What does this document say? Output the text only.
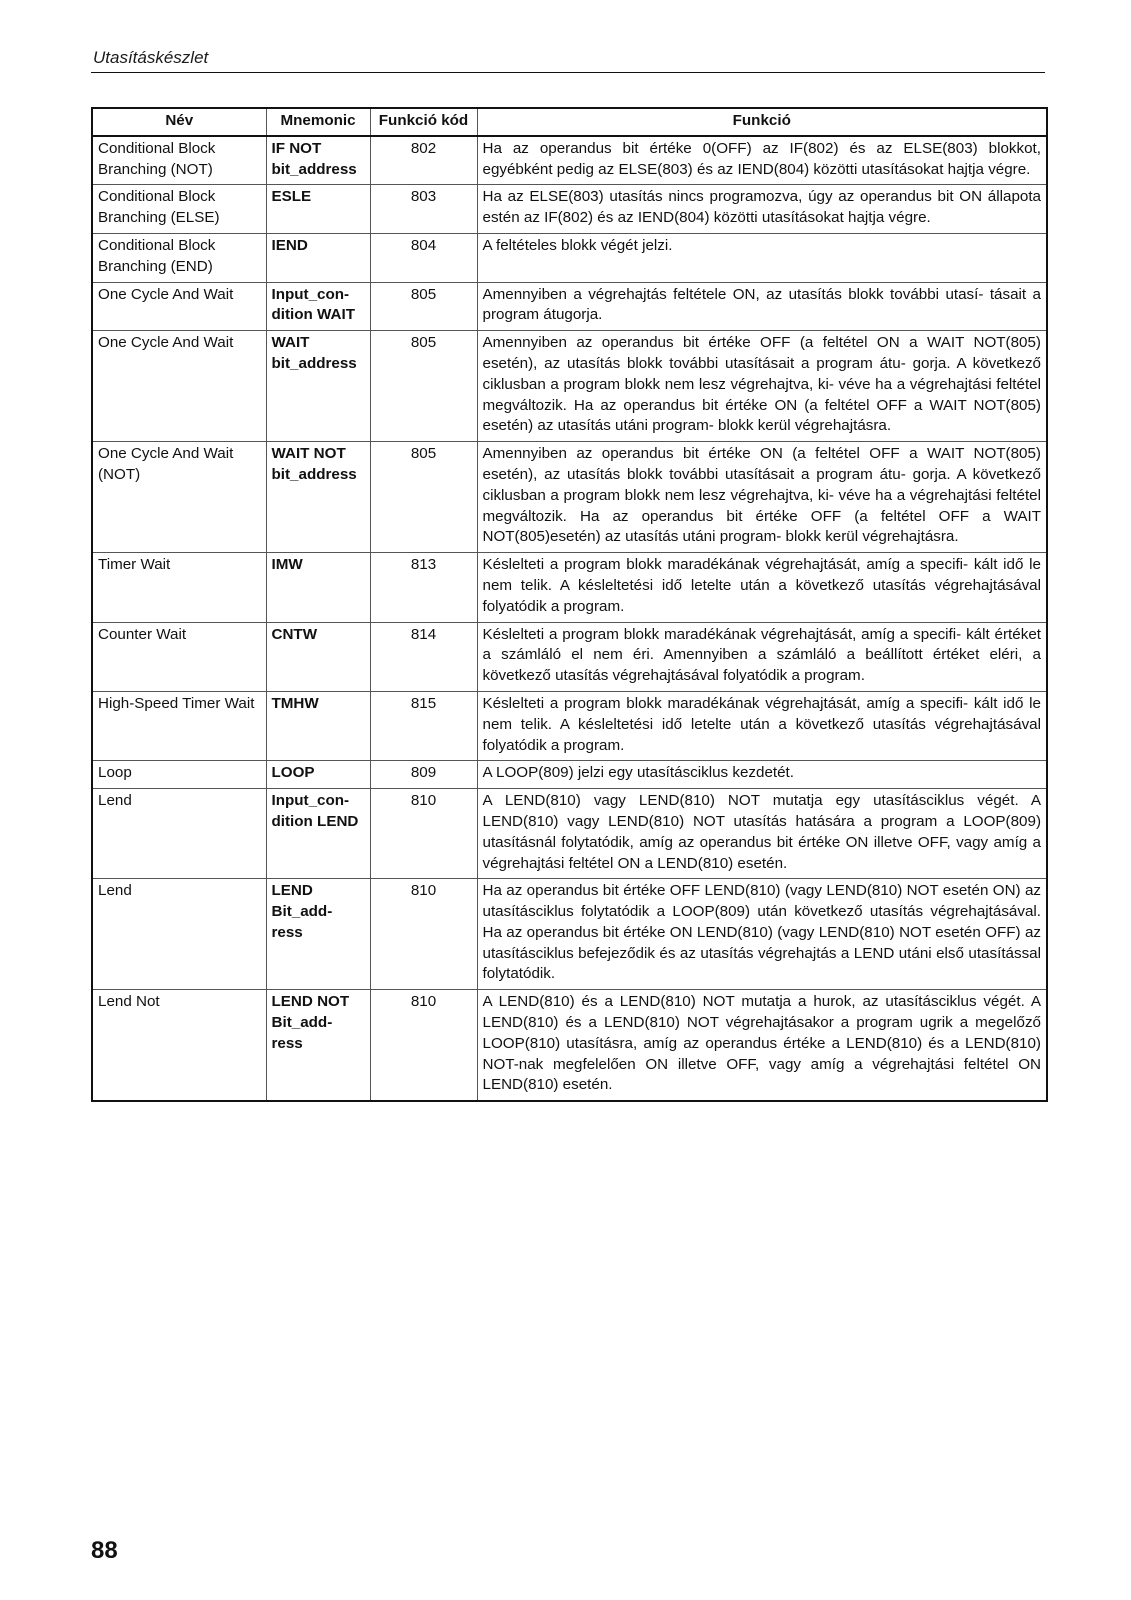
Utasításkészlet
Név	Mnemonic	Funkció kód	Funkció
Conditional Block Branching (NOT)	IF NOT bit_address	802	Ha az operandus bit értéke 0(OFF) az IF(802) és az ELSE(803) blokkot, egyébként pedig az ELSE(803) és az IEND(804) közötti utasításokat hajtja végre.
Conditional Block Branching (ELSE)	ESLE	803	Ha az ELSE(803) utasítás nincs programozva, úgy az operandus bit ON állapota estén az IF(802) és az IEND(804) közötti utasításokat hajtja végre.
Conditional Block Branching (END)	IEND	804	A feltételes blokk végét jelzi.
One Cycle And Wait	Input_con- dition WAIT	805	Amennyiben a végrehajtás feltétele ON, az utasítás blokk további utasí- tásait a program átugorja.
One Cycle And Wait	WAIT bit_address	805	Amennyiben az operandus bit értéke OFF (a feltétel ON a WAIT NOT(805) esetén), az utasítás blokk további utasításait a program átu- gorja. A következő ciklusban a program blokk nem lesz végrehajtva, ki- véve ha a végrehajtási feltétel megváltozik. Ha az operandus bit értéke ON (a feltétel OFF a WAIT NOT(805) esetén) az utasítás utáni program- blokk kerül végrehajtásra.
One Cycle And Wait (NOT)	WAIT NOT bit_address	805	Amennyiben az operandus bit értéke ON (a feltétel OFF a WAIT NOT(805) esetén), az utasítás blokk további utasításait a program átu- gorja. A következő ciklusban a program blokk nem lesz végrehajtva, ki- véve ha a végrehajtási feltétel megváltozik. Ha az operandus bit értéke OFF (a feltétel OFF a WAIT NOT(805)esetén) az utasítás utáni program- blokk kerül végrehajtásra.
Timer Wait	IMW	813	Késlelteti a program blokk maradékának végrehajtását, amíg a specifi- kált idő le nem telik. A késleltetési idő letelte után a következő utasítás végrehajtásával folyatódik a program.
Counter Wait	CNTW	814	Késlelteti a program blokk maradékának végrehajtását, amíg a specifi- kált értéket a számláló el nem éri. Amennyiben a számláló a beállított értéket eléri, a következő utasítás végrehajtásával folyatódik a program.
High-Speed Timer Wait	TMHW	815	Késlelteti a program blokk maradékának végrehajtását, amíg a specifi- kált idő le nem telik. A késleltetési idő letelte után a következő utasítás végrehajtásával folyatódik a program.
Loop	LOOP	809	A LOOP(809) jelzi egy utasításciklus kezdetét.
Lend	Input_con- dition LEND	810	A LEND(810) vagy LEND(810) NOT mutatja egy utasításciklus végét. A LEND(810) vagy LEND(810) NOT utasítás hatására a program a LOOP(809) utasításnál folytatódik, amíg az operandus bit értéke ON illetve OFF, vagy amíg a végrehajtási feltétel ON a LEND(810) esetén.
Lend	LEND Bit_add- ress	810	Ha az operandus bit értéke OFF LEND(810) (vagy LEND(810) NOT esetén ON) az utasításciklus folytatódik a LOOP(809) után következő utasítás végrehajtásával. Ha az operandus bit értéke ON LEND(810) (vagy LEND(810) NOT esetén OFF) az utasításciklus befejeződik és az utasítás végrehajtás a LEND utáni első utasítással folytatódik.
Lend Not	LEND NOT Bit_add- ress	810	A LEND(810) és a LEND(810) NOT mutatja a hurok, az utasításciklus végét. A LEND(810) és a LEND(810) NOT végrehajtásakor a program ugrik a megelőző LOOP(810) utasításra, amíg az operandus értéke a LEND(810) és a LEND(810) NOT-nak megfelelően ON illetve OFF, vagy amíg a végrehajtási feltétel ON LEND(810) esetén.
88
